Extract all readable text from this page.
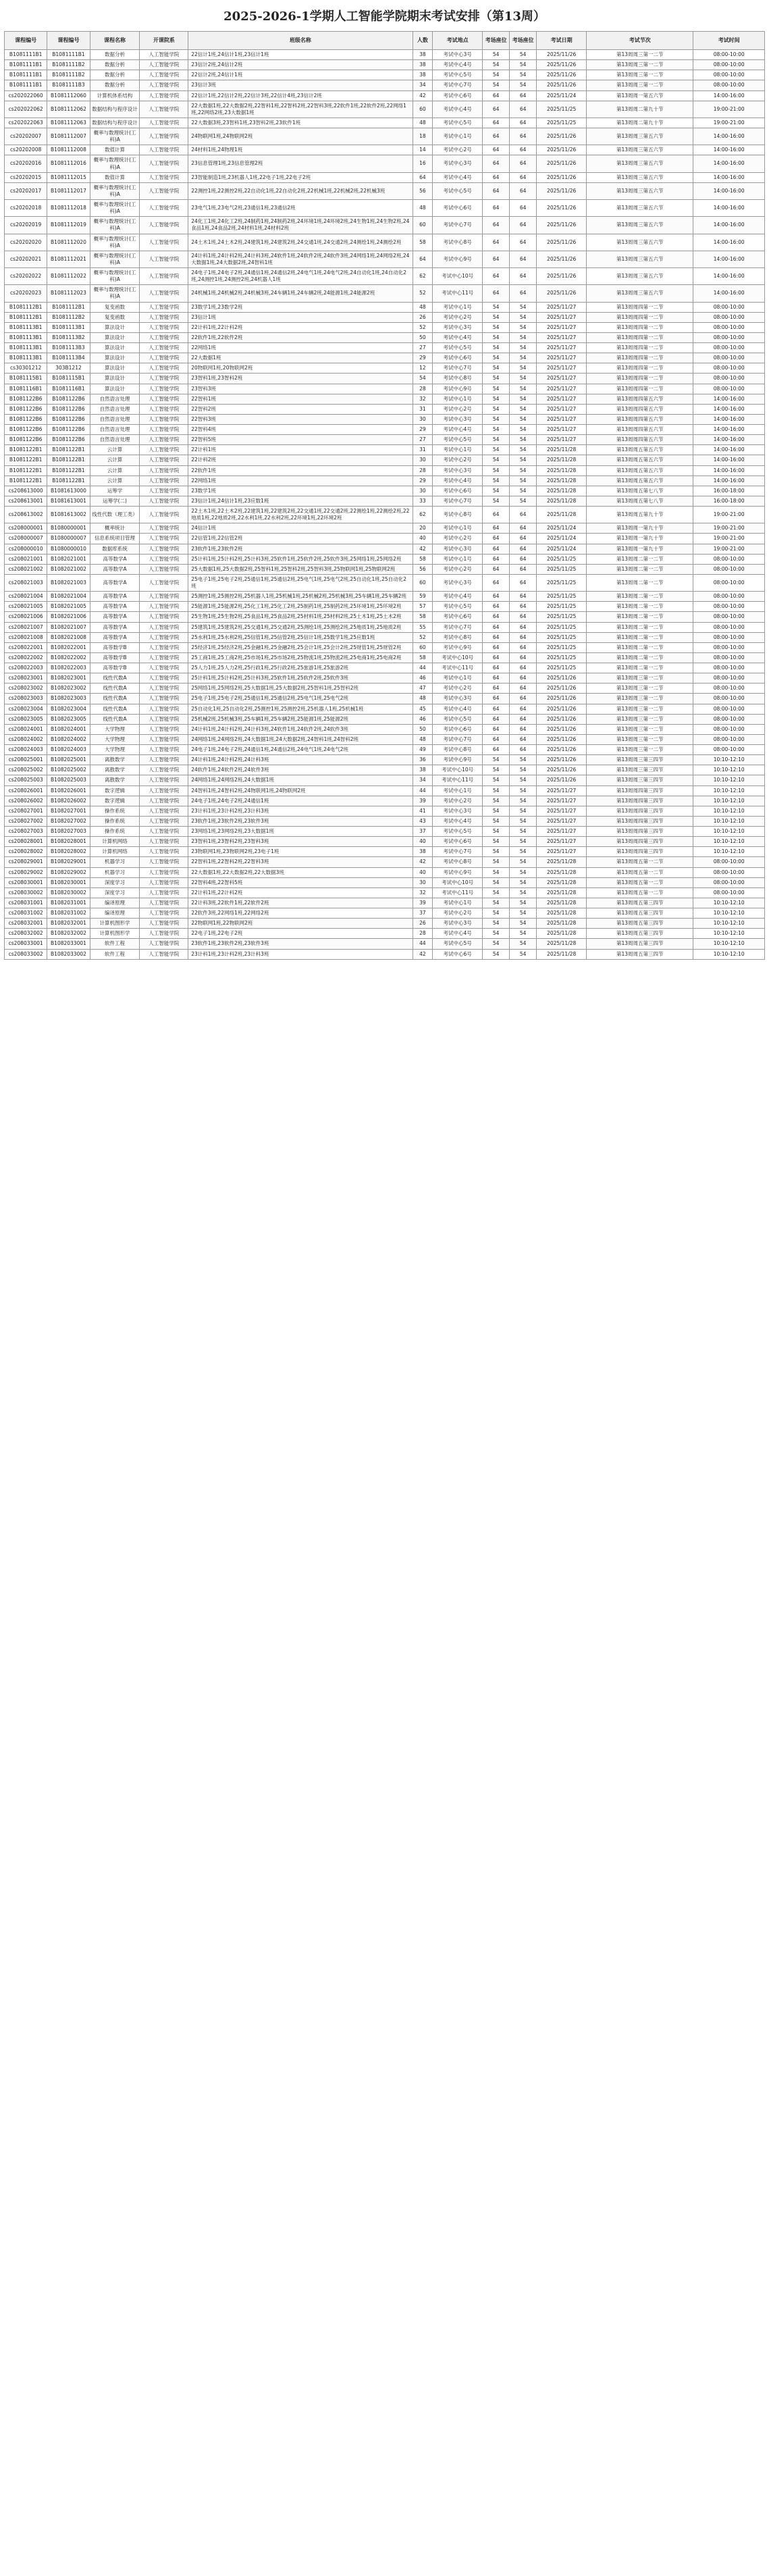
2025-2026-1学期人工智能学院期末考试安排（第13周）
课程编号	课程编号	课程名称	开课院系	班级名称	人数	考试地点	考场座位	考场座位	考试日期	考试节次	考试时间
B1081111B1	B1081111B1	数据分析	人工智能学院	22信计1班,24信计1班,23信计1班	38	考试中心3号	54	54	2025/11/26	第13周周三第一二节	08:00-10:00
B1081111B1	B1081111B2	数据分析	人工智能学院	23信计2班,24信计2班	38	考试中心4号	54	54	2025/11/26	第13周周三第一二节	08:00-10:00
B1081111B1	B1081111B2	数据分析	人工智能学院	22信计2班,24信计1班	38	考试中心5号	54	54	2025/11/26	第13周周三第一二节	08:00-10:00
B1081111B1	B1081111B3	数据分析	人工智能学院	23信计3班	34	考试中心7号	54	54	2025/11/26	第13周周三第一二节	08:00-10:00
cs202022060	B1081112060	计算机体系结构	人工智能学院	22信计1班,22信计2班,22信计3班,22信计4班,23信计2班	42	考试中心6号	64	64	2025/11/24	第13周周一第五六节	14:00-16:00
cs202022062	B1081112062	数据结构与程序设计	人工智能学院	22大数据1班,22大数据2班,22智科1班,22智科2班,22智科3班,22软件1班,22软件2班,22网络1班,22网络2班,23大数据1班	60	考试中心4号	64	64	2025/11/25	第13周周二第九十节	19:00-21:00
cs202022063	B1081112063	数据结构与程序设计	人工智能学院	22大数据3班,23智科1班,23智科2班,23软件1班	48	考试中心5号	64	64	2025/11/25	第13周周二第九十节	19:00-21:00
cs20202007	B1081112007	概率与数理统计(工科)A	人工智能学院	24物联网1班,24物联网2班	18	考试中心1号	64	64	2025/11/26	第13周周三第五六节	14:00-16:00
cs20202008	B1081112008	数值计算	人工智能学院	24材料1班,24物理1班	14	考试中心2号	64	64	2025/11/26	第13周周三第五六节	14:00-16:00
cs20202016	B1081112016	概率与数理统计(工科)A	人工智能学院	23信息管理1班,23信息管理2班	16	考试中心3号	64	64	2025/11/26	第13周周三第五六节	14:00-16:00
cs20202015	B1081112015	数值计算	人工智能学院	23智能制造1班,23机器人1班,22电子1班,22电子2班	64	考试中心4号	64	64	2025/11/26	第13周周三第五六节	14:00-16:00
cs20202017	B1081112017	概率与数理统计(工科)A	人工智能学院	22测控1班,22测控2班,22自动化1班,22自动化2班,22机械1班,22机械2班,22机械3班	56	考试中心5号	64	64	2025/11/26	第13周周三第五六节	14:00-16:00
cs20202018	B1081112018	概率与数理统计(工科)A	人工智能学院	23电气1班,23电气2班,23通信1班,23通信2班	48	考试中心6号	64	64	2025/11/26	第13周周三第五六节	14:00-16:00
cs20202019	B1081112019	概率与数理统计(工科)A	人工智能学院	24化工1班,24化工2班,24制药1班,24制药2班,24环境1班,24环境2班,24生物1班,24生物2班,24食品1班,24食品2班,24材料1班,24材料2班	60	考试中心7号	64	64	2025/11/26	第13周周三第五六节	14:00-16:00
cs20202020	B1081112020	概率与数理统计(工科)A	人工智能学院	24土木1班,24土木2班,24建筑1班,24建筑2班,24交通1班,24交通2班,24测绘1班,24测绘2班	58	考试中心8号	64	64	2025/11/26	第13周周三第五六节	14:00-16:00
cs20202021	B1081112021	概率与数理统计(工科)A	人工智能学院	24计科1班,24计科2班,24计科3班,24软件1班,24软件2班,24软件3班,24网络1班,24网络2班,24大数据1班,24大数据2班,24智科1班	64	考试中心9号	64	64	2025/11/26	第13周周三第五六节	14:00-16:00
cs20202022	B1081112022	概率与数理统计(工科)A	人工智能学院	24电子1班,24电子2班,24通信1班,24通信2班,24电气1班,24电气2班,24自动化1班,24自动化2班,24测控1班,24测控2班,24机器人1班	62	考试中心10号	64	64	2025/11/26	第13周周三第五六节	14:00-16:00
cs20202023	B1081112023	概率与数理统计(工科)A	人工智能学院	24机械1班,24机械2班,24机械3班,24车辆1班,24车辆2班,24能源1班,24能源2班	52	考试中心11号	64	64	2025/11/26	第13周周三第五六节	14:00-16:00
B1081112B1	B1081112B1	复变函数	人工智能学院	23数学1班,23数学2班	48	考试中心1号	54	54	2025/11/27	第13周周四第一二节	08:00-10:00
B1081112B1	B1081112B2	复变函数	人工智能学院	23信计1班	26	考试中心2号	54	54	2025/11/27	第13周周四第一二节	08:00-10:00
B1081113B1	B1081113B1	算法设计	人工智能学院	22计科1班,22计科2班	52	考试中心3号	54	54	2025/11/27	第13周周四第一二节	08:00-10:00
B1081113B1	B1081113B2	算法设计	人工智能学院	22软件1班,22软件2班	50	考试中心4号	54	54	2025/11/27	第13周周四第一二节	08:00-10:00
B1081113B1	B1081113B3	算法设计	人工智能学院	22网络1班	27	考试中心5号	54	54	2025/11/27	第13周周四第一二节	08:00-10:00
B1081113B1	B1081113B4	算法设计	人工智能学院	22大数据1班	29	考试中心6号	54	54	2025/11/27	第13周周四第一二节	08:00-10:00
cs30301212	303B1212	算法设计	人工智能学院	20物联网1班,20物联网2班	12	考试中心7号	54	54	2025/11/27	第13周周四第一二节	08:00-10:00
B1081115B1	B1081115B1	算法设计	人工智能学院	23智科1班,23智科2班	54	考试中心8号	54	54	2025/11/27	第13周周四第一二节	08:00-10:00
B1081116B1	B1081116B1	算法设计	人工智能学院	23智科3班	28	考试中心9号	54	54	2025/11/27	第13周周四第一二节	08:00-10:00
B1081122B6	B1081122B6	自然语言处理	人工智能学院	22智科1班	32	考试中心1号	54	54	2025/11/27	第13周周四第五六节	14:00-16:00
B1081122B6	B1081122B6	自然语言处理	人工智能学院	22智科2班	31	考试中心2号	54	54	2025/11/27	第13周周四第五六节	14:00-16:00
B1081122B6	B1081122B6	自然语言处理	人工智能学院	22智科3班	30	考试中心3号	54	54	2025/11/27	第13周周四第五六节	14:00-16:00
B1081122B6	B1081122B6	自然语言处理	人工智能学院	22智科4班	29	考试中心4号	54	54	2025/11/27	第13周周四第五六节	14:00-16:00
B1081122B6	B1081122B6	自然语言处理	人工智能学院	22智科5班	27	考试中心5号	54	54	2025/11/27	第13周周四第五六节	14:00-16:00
B1081122B1	B1081122B1	云计算	人工智能学院	22计科1班	31	考试中心1号	54	54	2025/11/28	第13周周五第五六节	14:00-16:00
B1081122B1	B1081122B1	云计算	人工智能学院	22计科2班	30	考试中心2号	54	54	2025/11/28	第13周周五第五六节	14:00-16:00
B1081122B1	B1081122B1	云计算	人工智能学院	22软件1班	28	考试中心3号	54	54	2025/11/28	第13周周五第五六节	14:00-16:00
B1081122B1	B1081122B1	云计算	人工智能学院	22网络1班	29	考试中心4号	54	54	2025/11/28	第13周周五第五六节	14:00-16:00
cs208613000	B1081613000	运筹学	人工智能学院	23数学1班	30	考试中心6号	54	54	2025/11/28	第13周周五第七八节	16:00-18:00
cs208613001	B1081613001	运筹学(二)	人工智能学院	23信计1班,24信计1班,23应数1班	33	考试中心7号	54	54	2025/11/28	第13周周五第七八节	16:00-18:00
cs208613002	B1081613002	线性代数（理工类）	人工智能学院	22土木1班,22土木2班,22建筑1班,22建筑2班,22交通1班,22交通2班,22测绘1班,22测绘2班,22地质1班,22地质2班,22水利1班,22水利2班,22环境1班,22环境2班	62	考试中心8号	64	64	2025/11/28	第13周周五第九十节	19:00-21:00
cs208000001	B1080000001	概率统计	人工智能学院	24信计1班	20	考试中心1号	64	64	2025/11/24	第13周周一第九十节	19:00-21:00
cs208000007	B1080000007	信息系统项目管理	人工智能学院	22信管1班,22信管2班	40	考试中心2号	64	64	2025/11/24	第13周周一第九十节	19:00-21:00
cs208000010	B1080000010	数据库系统	人工智能学院	23软件1班,23软件2班	42	考试中心3号	64	64	2025/11/24	第13周周一第九十节	19:00-21:00
cs208021001	B1082021001	高等数学A	人工智能学院	25计科1班,25计科2班,25计科3班,25软件1班,25软件2班,25软件3班,25网络1班,25网络2班	58	考试中心1号	64	64	2025/11/25	第13周周二第一二节	08:00-10:00
cs208021002	B1082021002	高等数学A	人工智能学院	25大数据1班,25大数据2班,25智科1班,25智科2班,25智科3班,25物联网1班,25物联网2班	56	考试中心2号	64	64	2025/11/25	第13周周二第一二节	08:00-10:00
cs208021003	B1082021003	高等数学A	人工智能学院	25电子1班,25电子2班,25通信1班,25通信2班,25电气1班,25电气2班,25自动化1班,25自动化2班	60	考试中心3号	64	64	2025/11/25	第13周周二第一二节	08:00-10:00
cs208021004	B1082021004	高等数学A	人工智能学院	25测控1班,25测控2班,25机器人1班,25机械1班,25机械2班,25机械3班,25车辆1班,25车辆2班	59	考试中心4号	64	64	2025/11/25	第13周周二第一二节	08:00-10:00
cs208021005	B1082021005	高等数学A	人工智能学院	25能源1班,25能源2班,25化工1班,25化工2班,25制药1班,25制药2班,25环境1班,25环境2班	57	考试中心5号	64	64	2025/11/25	第13周周二第一二节	08:00-10:00
cs208021006	B1082021006	高等数学A	人工智能学院	25生物1班,25生物2班,25食品1班,25食品2班,25材料1班,25材料2班,25土木1班,25土木2班	58	考试中心6号	64	64	2025/11/25	第13周周二第一二节	08:00-10:00
cs208021007	B1082021007	高等数学A	人工智能学院	25建筑1班,25建筑2班,25交通1班,25交通2班,25测绘1班,25测绘2班,25地质1班,25地质2班	55	考试中心7号	64	64	2025/11/25	第13周周二第一二节	08:00-10:00
cs208021008	B1082021008	高等数学A	人工智能学院	25水利1班,25水利2班,25信管1班,25信管2班,25信计1班,25数学1班,25应数1班	52	考试中心8号	64	64	2025/11/25	第13周周二第一二节	08:00-10:00
cs208022001	B1082022001	高等数学B	人工智能学院	25经济1班,25经济2班,25金融1班,25金融2班,25会计1班,25会计2班,25财管1班,25财管2班	60	考试中心9号	64	64	2025/11/25	第13周周二第一二节	08:00-10:00
cs208022002	B1082022002	高等数学B	人工智能学院	25工商1班,25工商2班,25市场1班,25市场2班,25物流1班,25物流2班,25电商1班,25电商2班	58	考试中心10号	64	64	2025/11/25	第13周周二第一二节	08:00-10:00
cs208022003	B1082022003	高等数学B	人工智能学院	25人力1班,25人力2班,25行政1班,25行政2班,25旅游1班,25旅游2班	44	考试中心11号	64	64	2025/11/25	第13周周二第一二节	08:00-10:00
cs208023001	B1082023001	线性代数A	人工智能学院	25计科1班,25计科2班,25计科3班,25软件1班,25软件2班,25软件3班	46	考试中心1号	64	64	2025/11/26	第13周周三第一二节	08:00-10:00
cs208023002	B1082023002	线性代数A	人工智能学院	25网络1班,25网络2班,25大数据1班,25大数据2班,25智科1班,25智科2班	47	考试中心2号	64	64	2025/11/26	第13周周三第一二节	08:00-10:00
cs208023003	B1082023003	线性代数A	人工智能学院	25电子1班,25电子2班,25通信1班,25通信2班,25电气1班,25电气2班	48	考试中心3号	64	64	2025/11/26	第13周周三第一二节	08:00-10:00
cs208023004	B1082023004	线性代数A	人工智能学院	25自动化1班,25自动化2班,25测控1班,25测控2班,25机器人1班,25机械1班	45	考试中心4号	64	64	2025/11/26	第13周周三第一二节	08:00-10:00
cs208023005	B1082023005	线性代数A	人工智能学院	25机械2班,25机械3班,25车辆1班,25车辆2班,25能源1班,25能源2班	46	考试中心5号	64	64	2025/11/26	第13周周三第一二节	08:00-10:00
cs208024001	B1082024001	大学物理	人工智能学院	24计科1班,24计科2班,24计科3班,24软件1班,24软件2班,24软件3班	50	考试中心6号	64	64	2025/11/26	第13周周三第一二节	08:00-10:00
cs208024002	B1082024002	大学物理	人工智能学院	24网络1班,24网络2班,24大数据1班,24大数据2班,24智科1班,24智科2班	48	考试中心7号	64	64	2025/11/26	第13周周三第一二节	08:00-10:00
cs208024003	B1082024003	大学物理	人工智能学院	24电子1班,24电子2班,24通信1班,24通信2班,24电气1班,24电气2班	49	考试中心8号	64	64	2025/11/26	第13周周三第一二节	08:00-10:00
cs208025001	B1082025001	离散数学	人工智能学院	24计科1班,24计科2班,24计科3班	36	考试中心9号	54	54	2025/11/26	第13周周三第三四节	10:10-12:10
cs208025002	B1082025002	离散数学	人工智能学院	24软件1班,24软件2班,24软件3班	38	考试中心10号	54	54	2025/11/26	第13周周三第三四节	10:10-12:10
cs208025003	B1082025003	离散数学	人工智能学院	24网络1班,24网络2班,24大数据1班	34	考试中心11号	54	54	2025/11/26	第13周周三第三四节	10:10-12:10
cs208026001	B1082026001	数字逻辑	人工智能学院	24智科1班,24智科2班,24物联网1班,24物联网2班	44	考试中心1号	54	54	2025/11/27	第13周周四第三四节	10:10-12:10
cs208026002	B1082026002	数字逻辑	人工智能学院	24电子1班,24电子2班,24通信1班	39	考试中心2号	54	54	2025/11/27	第13周周四第三四节	10:10-12:10
cs208027001	B1082027001	操作系统	人工智能学院	23计科1班,23计科2班,23计科3班	41	考试中心3号	54	54	2025/11/27	第13周周四第三四节	10:10-12:10
cs208027002	B1082027002	操作系统	人工智能学院	23软件1班,23软件2班,23软件3班	43	考试中心4号	54	54	2025/11/27	第13周周四第三四节	10:10-12:10
cs208027003	B1082027003	操作系统	人工智能学院	23网络1班,23网络2班,23大数据1班	37	考试中心5号	54	54	2025/11/27	第13周周四第三四节	10:10-12:10
cs208028001	B1082028001	计算机网络	人工智能学院	23智科1班,23智科2班,23智科3班	40	考试中心6号	54	54	2025/11/27	第13周周四第三四节	10:10-12:10
cs208028002	B1082028002	计算机网络	人工智能学院	23物联网1班,23物联网2班,23电子1班	38	考试中心7号	54	54	2025/11/27	第13周周四第三四节	10:10-12:10
cs208029001	B1082029001	机器学习	人工智能学院	22智科1班,22智科2班,22智科3班	42	考试中心8号	54	54	2025/11/28	第13周周五第一二节	08:00-10:00
cs208029002	B1082029002	机器学习	人工智能学院	22大数据1班,22大数据2班,22大数据3班	40	考试中心9号	54	54	2025/11/28	第13周周五第一二节	08:00-10:00
cs208030001	B1082030001	深度学习	人工智能学院	22智科4班,22智科5班	30	考试中心10号	54	54	2025/11/28	第13周周五第一二节	08:00-10:00
cs208030002	B1082030002	深度学习	人工智能学院	22计科1班,22计科2班	32	考试中心11号	54	54	2025/11/28	第13周周五第一二节	08:00-10:00
cs208031001	B1082031001	编译原理	人工智能学院	22计科3班,22软件1班,22软件2班	39	考试中心1号	54	54	2025/11/28	第13周周五第三四节	10:10-12:10
cs208031002	B1082031002	编译原理	人工智能学院	22软件3班,22网络1班,22网络2班	37	考试中心2号	54	54	2025/11/28	第13周周五第三四节	10:10-12:10
cs208032001	B1082032001	计算机图形学	人工智能学院	22物联网1班,22物联网2班	26	考试中心3号	54	54	2025/11/28	第13周周五第三四节	10:10-12:10
cs208032002	B1082032002	计算机图形学	人工智能学院	22电子1班,22电子2班	28	考试中心4号	54	54	2025/11/28	第13周周五第三四节	10:10-12:10
cs208033001	B1082033001	软件工程	人工智能学院	23软件1班,23软件2班,23软件3班	44	考试中心5号	54	54	2025/11/28	第13周周五第三四节	10:10-12:10
cs208033002	B1082033002	软件工程	人工智能学院	23计科1班,23计科2班,23计科3班	42	考试中心6号	54	54	2025/11/28	第13周周五第三四节	10:10-12:10
